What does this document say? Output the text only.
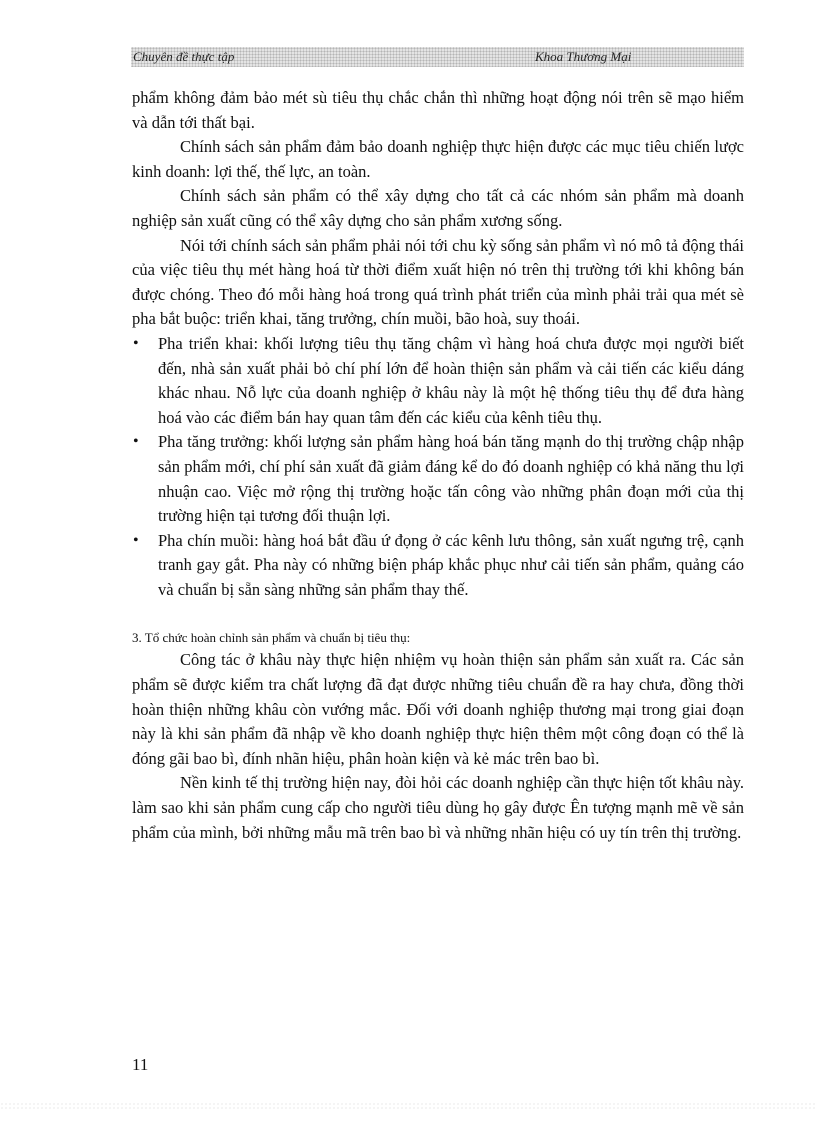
Chuyên đề thực tập	Khoa Thương Mại

phẩm không đảm bảo mét sù tiêu thụ chắc chắn thì những hoạt động nói trên sẽ mạo hiểm và dẫn tới thất bại.

Chính sách sản phẩm đảm bảo doanh nghiệp thực hiện được các mục tiêu chiến lược kinh doanh: lợi thế, thế lực, an toàn.

Chính sách sản phẩm có thể xây dựng cho tất cả các nhóm sản phẩm mà doanh nghiệp sản xuất cũng có thể xây dựng cho sản phẩm xương sống.

Nói tới chính sách sản phẩm phải nói tới chu kỳ sống sản phẩm vì nó mô tả động thái của việc tiêu thụ mét hàng hoá từ thời điểm xuất hiện nó trên thị trường tới khi không bán được chóng. Theo đó mỗi hàng hoá trong quá trình phát triển của mình phải trải qua mét sè pha bắt buộc: triển khai, tăng trưởng, chín muồi, bão hoà, suy thoái.

• Pha triển khai: khối lượng tiêu thụ tăng chậm vì hàng hoá chưa được mọi người biết đến, nhà sản xuất phải bỏ chí phí lớn để hoàn thiện sản phẩm và cải tiến các kiểu dáng khác nhau. Nỗ lực của doanh nghiệp ở khâu này là một hệ thống tiêu thụ để đưa hàng hoá vào các điểm bán hay quan tâm đến các kiểu của kênh tiêu thụ.
• Pha tăng trưởng: khối lượng sản phẩm hàng hoá bán tăng mạnh do thị trường chập nhập sản phẩm mới, chí phí sản xuất đã giảm đáng kể do đó doanh nghiệp có khả năng thu lợi nhuận cao. Việc mở rộng thị trường hoặc tấn công vào những phân đoạn mới của thị trường hiện tại tương đối thuận lợi.
• Pha chín muồi: hàng hoá bắt đầu ứ đọng ở các kênh lưu thông, sản xuất ngưng trệ, cạnh tranh gay gắt. Pha này có những biện pháp khắc phục như cải tiến sản phẩm, quảng cáo và chuẩn bị sẵn sàng những sản phẩm thay thế.

3. Tổ chức hoàn chỉnh sản phẩm và chuẩn bị tiêu thụ:

Công tác ở khâu này thực hiện nhiệm vụ hoàn thiện sản phẩm sản xuất ra. Các sản phẩm sẽ được kiểm tra chất lượng đã đạt được những tiêu chuẩn đề ra hay chưa, đồng thời hoàn thiện những khâu còn vướng mắc. Đối với doanh nghiệp thương mại trong giai đoạn này là khi sản phẩm đã nhập về kho doanh nghiệp thực hiện thêm một công đoạn có thể là đóng gãi bao bì, đính nhãn hiệu, phân hoàn kiện và kẻ mác trên bao bì.

Nền kinh tế thị trường hiện nay, đòi hỏi các doanh nghiệp cần thực hiện tốt khâu này. làm sao khi sản phẩm cung cấp cho người tiêu dùng họ gây được Ên tượng mạnh mẽ về sản phẩm của mình, bởi những mẫu mã trên bao bì và những nhãn hiệu có uy tín trên thị trường.

11
